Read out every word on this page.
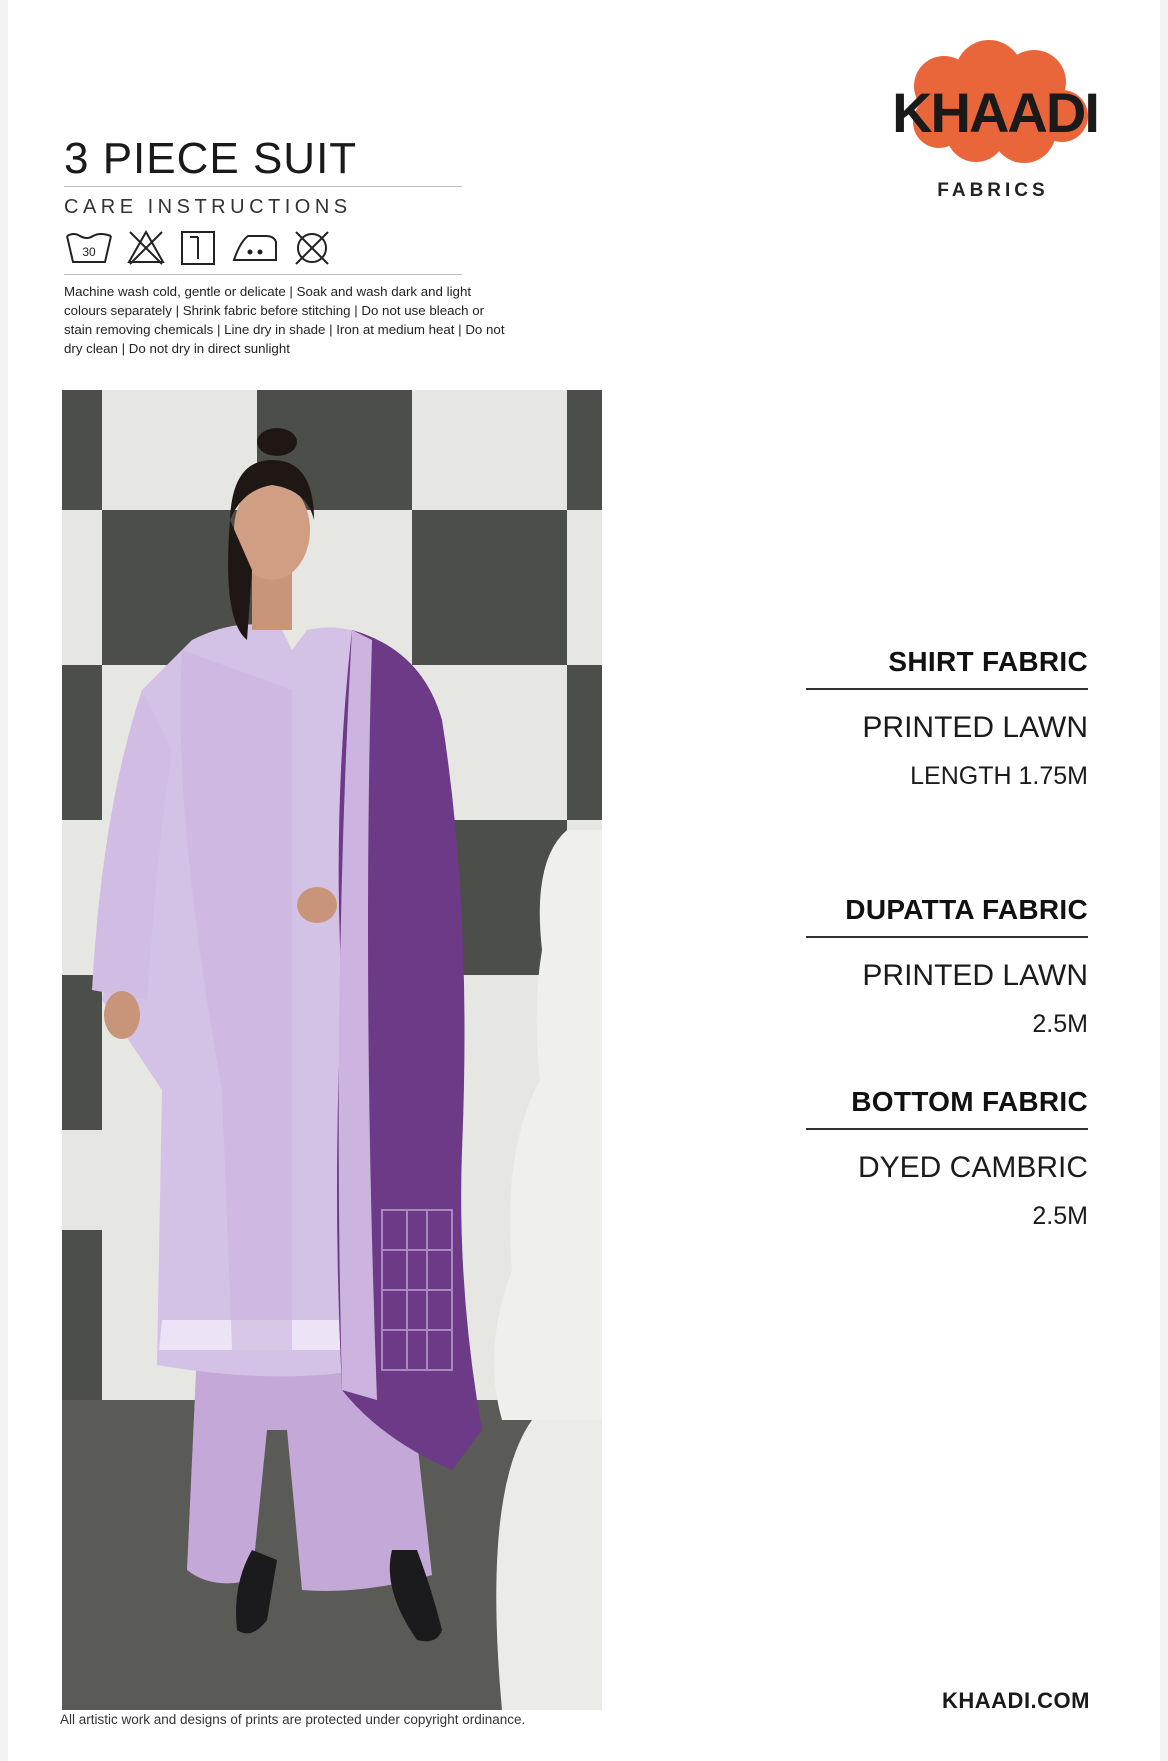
KHAADI
FABRICS
3 PIECE SUIT
CARE INSTRUCTIONS
30
Machine wash cold, gentle or delicate | Soak and wash dark and light colours separately | Shrink fabric before stitching | Do not use bleach or stain removing chemicals | Line dry in shade | Iron at medium heat | Do not dry clean | Do not dry in direct sunlight
All artistic work and designs of prints are protected under copyright ordinance.
SHIRT FABRIC
PRINTED LAWN
LENGTH 1.75M
DUPATTA FABRIC
PRINTED LAWN
2.5M
BOTTOM FABRIC
DYED CAMBRIC
2.5M
KHAADI.COM
